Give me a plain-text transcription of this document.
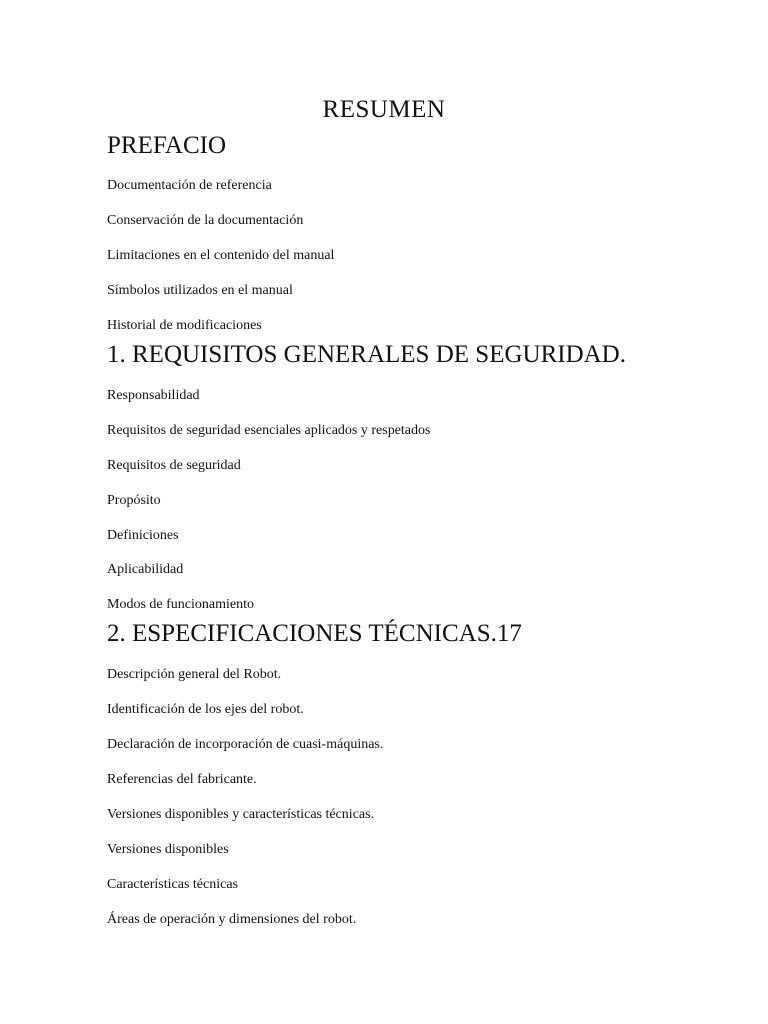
RESUMEN
PREFACIO
Documentación de referencia
Conservación de la documentación
Limitaciones en el contenido del manual
Símbolos utilizados en el manual
Historial de modificaciones
1. REQUISITOS GENERALES DE SEGURIDAD.
Responsabilidad
Requisitos de seguridad esenciales aplicados y respetados
Requisitos de seguridad
Propósito
Definiciones
Aplicabilidad
Modos de funcionamiento
2. ESPECIFICACIONES TÉCNICAS.17
Descripción general del Robot.
Identificación de los ejes del robot.
Declaración de incorporación de cuasi-máquinas.
Referencias del fabricante.
Versiones disponibles y características técnicas.
Versiones disponibles
Características técnicas
Áreas de operación y dimensiones del robot.
